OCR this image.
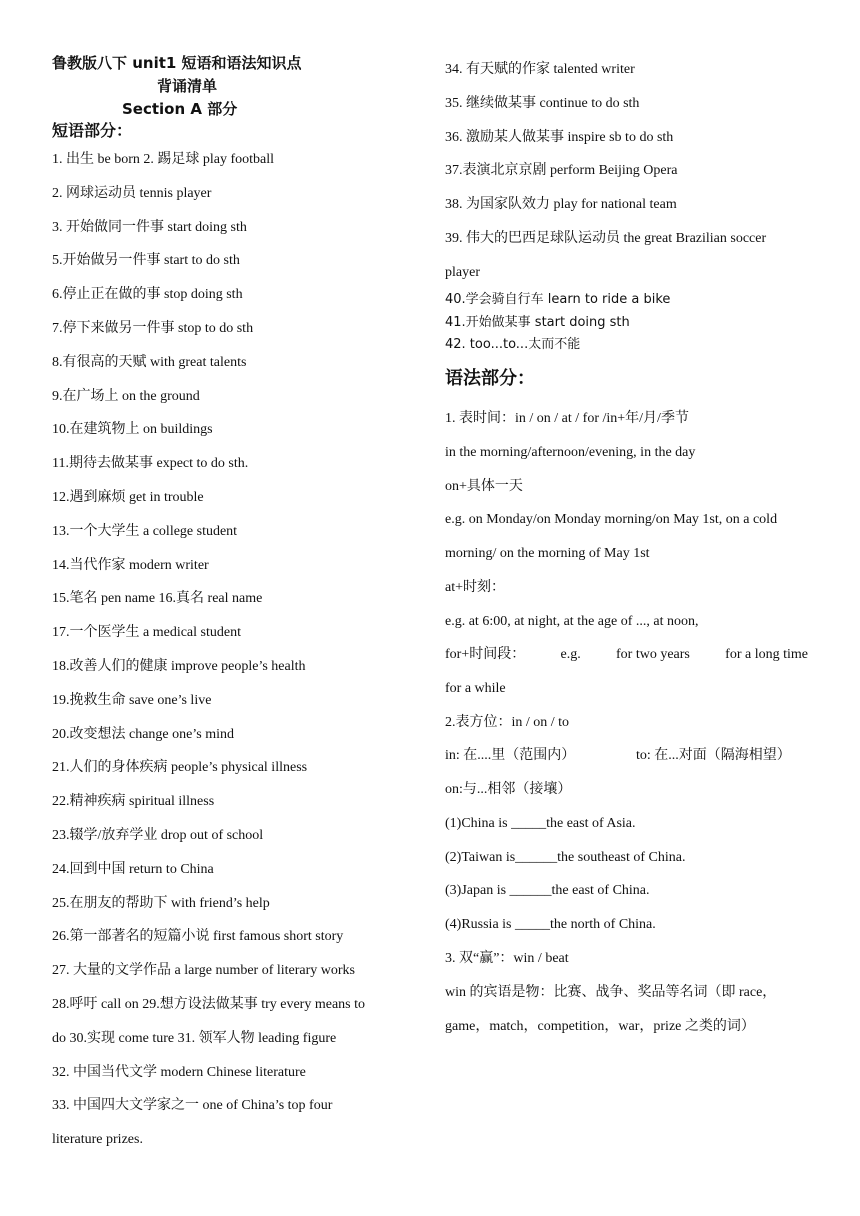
鲁教版八下 unit1 短语和语法知识点
背诵清单
Section A 部分
短语部分：
1. 出生 be born 2. 踢足球 play football
2. 网球运动员 tennis player
3. 开始做同一件事 start doing sth
5.开始做另一件事 start to do sth
6.停止正在做的事 stop doing sth
7.停下来做另一件事 stop to do sth
8.有很高的天赋 with great talents
9.在广场上 on the ground
10.在建筑物上 on buildings
11.期待去做某事 expect to do sth.
12.遇到麻烦 get in trouble
13.一个大学生 a college student
14.当代作家 modern writer
15.笔名 pen name 16.真名 real name
17.一个医学生 a medical student
18.改善人们的健康 improve people’s health
19.挽救生命 save one’s live
20.改变想法 change one’s mind
21.人们的身体疾病 people’s physical illness
22.精神疾病 spiritual illness
23.辍学/放弃学业 drop out of school
24.回到中国 return to China
25.在朋友的帮助下 with friend’s help
26.第一部著名的短篇小说 first famous short story
27. 大量的文学作品 a large number of literary works
28.呼吁 call on 29.想方设法做某事 try every means to
do 30.实现 come ture 31. 领军人物 leading figure
32. 中国当代文学 modern Chinese literature
33. 中国四大文学家之一 one of China’s top four
literature prizes.
34. 有天赋的作家 talented writer
35. 继续做某事 continue to do sth
36. 激励某人做某事 inspire sb to do sth
37.表演北京京剧 perform Beijing Opera
38. 为国家队效力 play for national team
39. 伟大的巴西足球队运动员 the great Brazilian soccer
player
40.学会骑自行车 learn to ride a bike
41.开始做某事 start doing sth
42. too...to...太而不能
语法部分：
1. 表时间：in / on / at / for /in+年/月/季节
in the morning/afternoon/evening, in the day
on+具体一天
e.g. on Monday/on Monday morning/on May 1st, on a cold
morning/ on the morning of May 1st
at+时刻：
e.g. at 6:00, at night, at the age of ..., at noon,
for+时间段：	e.g.	for two years	for a long time
for a while
2.表方位：in / on / to
in: 在....里（范围内）	to: 在...对面（隔海相望）
on:与...相邻（接壤）
(1)China is _____the east of Asia.
(2)Taiwan is______the southeast of China.
(3)Japan is ______the east of China.
(4)Russia is _____the north of China.
3. 双“赢”：win / beat
win 的宾语是物：比赛、战争、奖品等名词（即 race，
game，match，competition，war，prize 之类的词）
